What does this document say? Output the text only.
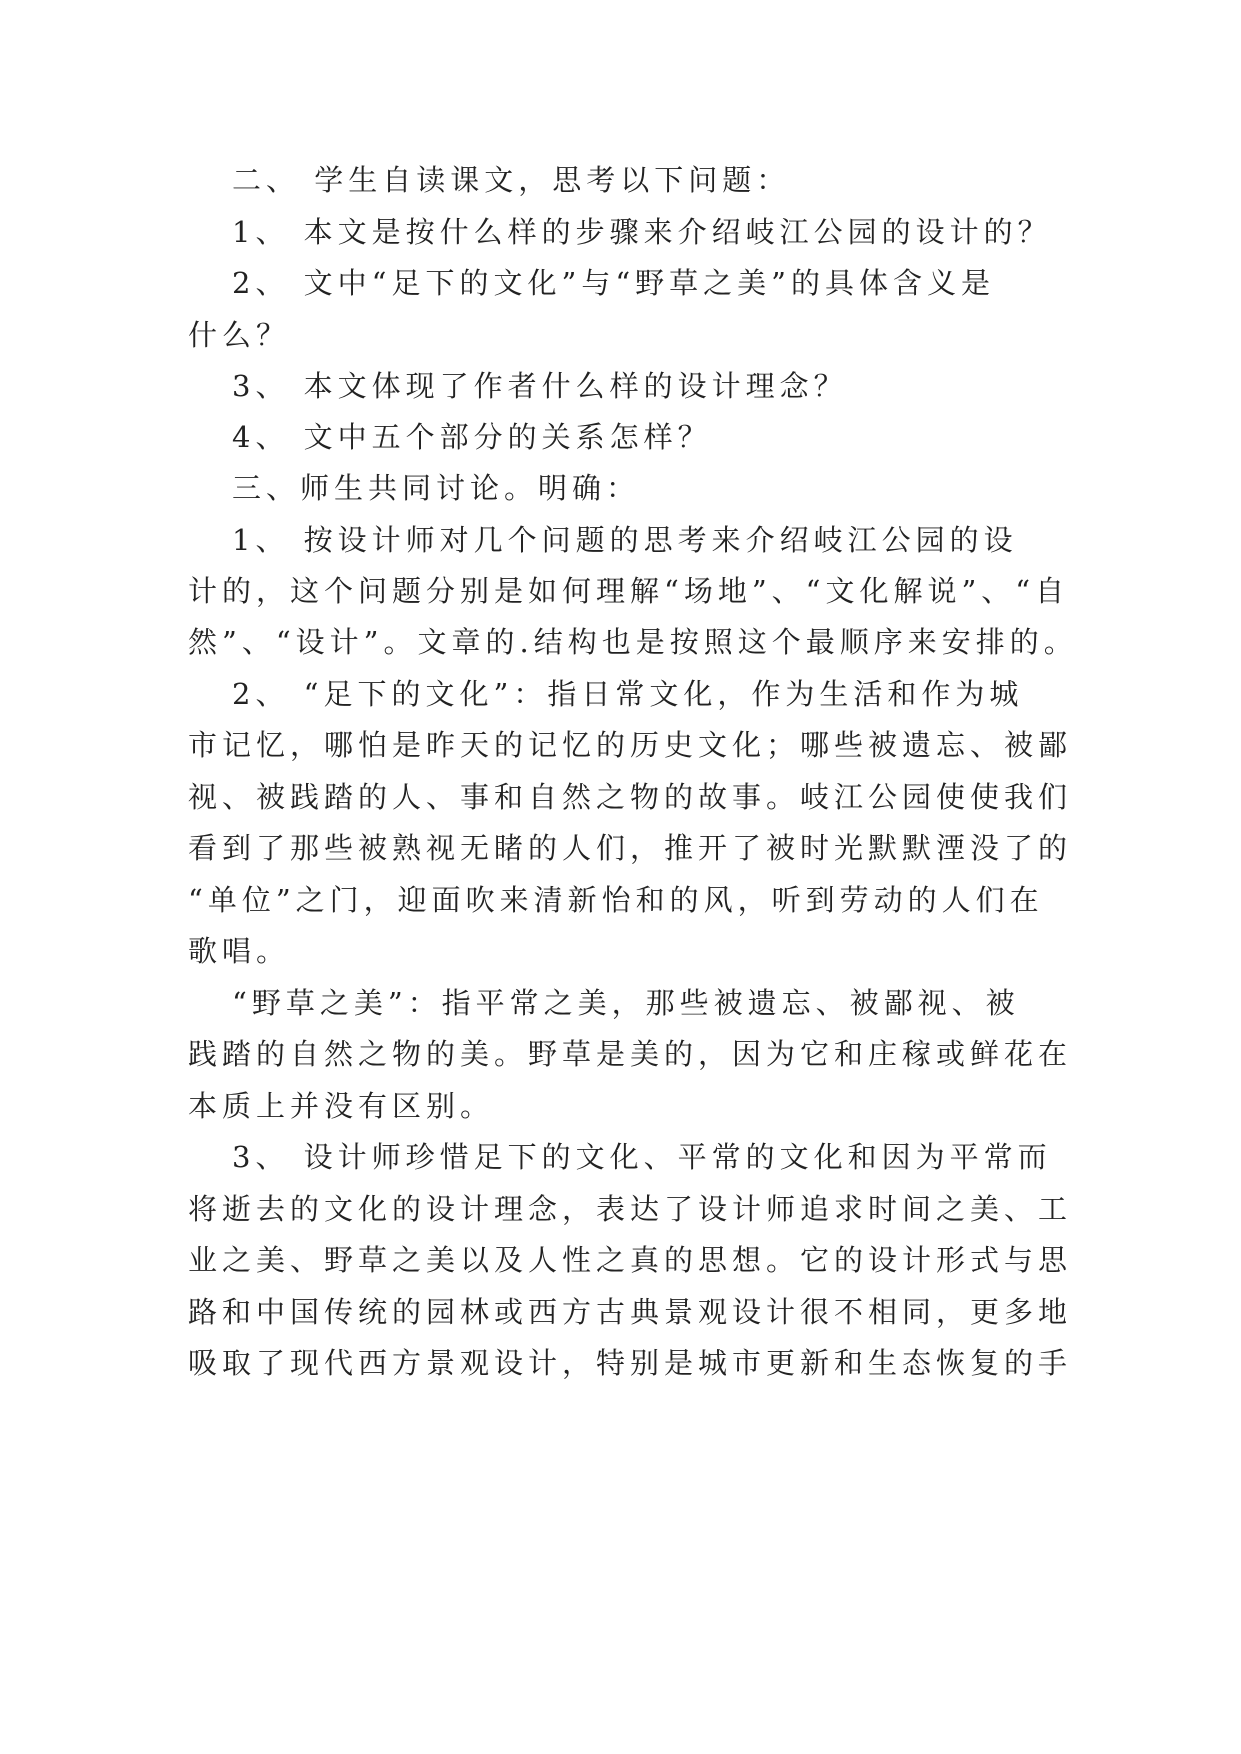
二、 学生自读课文，思考以下问题：
1、 本文是按什么样的步骤来介绍岐江公园的设计的？
2、 文中“足下的文化”与“野草之美”的具体含义是
什么？
3、 本文体现了作者什么样的设计理念？
4、 文中五个部分的关系怎样？
三、师生共同讨论。明确：
1、 按设计师对几个问题的思考来介绍岐江公园的设
计的，这个问题分别是如何理解“场地”、“文化解说”、“自
然”、“设计”。文章的.结构也是按照这个最顺序来安排的。
2、 “足下的文化”：指日常文化，作为生活和作为城
市记忆，哪怕是昨天的记忆的历史文化；哪些被遗忘、被鄙
视、被践踏的人、事和自然之物的故事。岐江公园使使我们
看到了那些被熟视无睹的人们，推开了被时光默默湮没了的
“单位”之门，迎面吹来清新怡和的风，听到劳动的人们在
歌唱。
“野草之美”：指平常之美，那些被遗忘、被鄙视、被
践踏的自然之物的美。野草是美的，因为它和庄稼或鲜花在
本质上并没有区别。
3、 设计师珍惜足下的文化、平常的文化和因为平常而
将逝去的文化的设计理念，表达了设计师追求时间之美、工
业之美、野草之美以及人性之真的思想。它的设计形式与思
路和中国传统的园林或西方古典景观设计很不相同，更多地
吸取了现代西方景观设计，特别是城市更新和生态恢复的手
